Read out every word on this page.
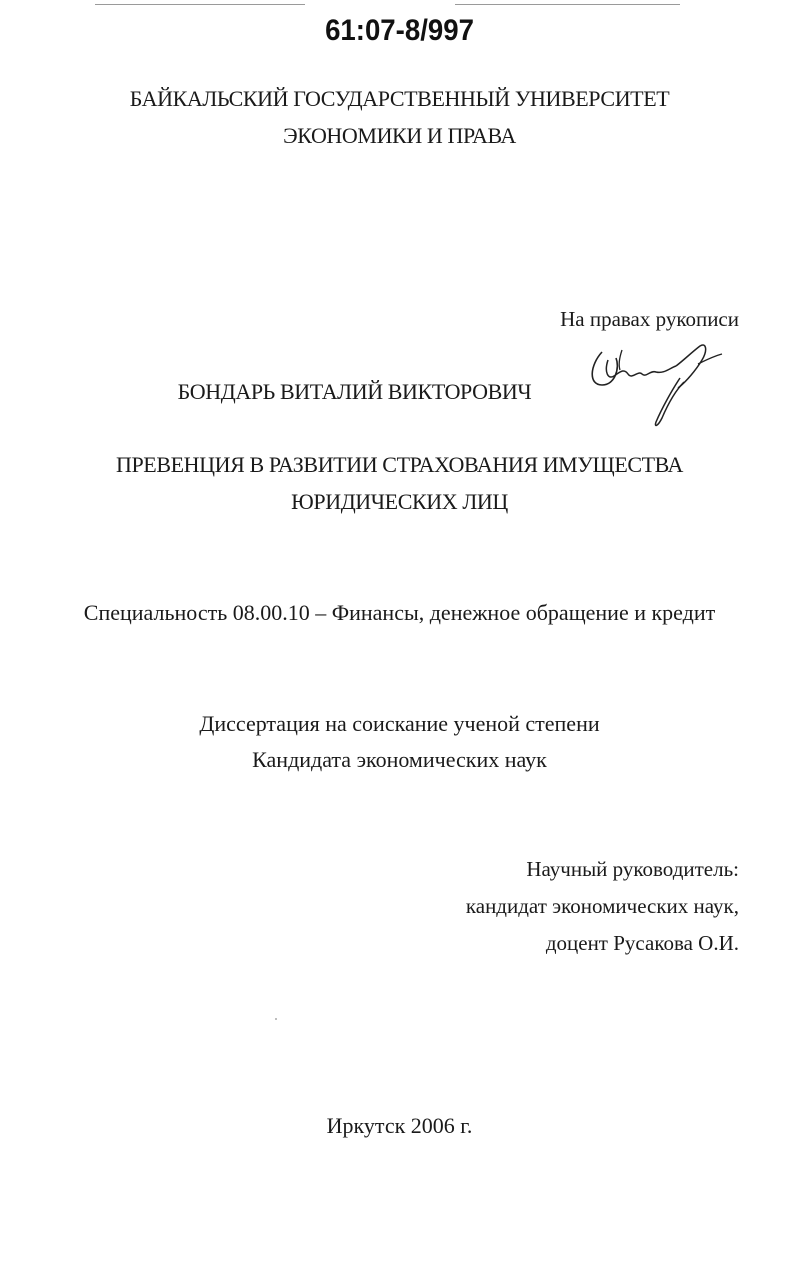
61:07-8/997
БАЙКАЛЬСКИЙ ГОСУДАРСТВЕННЫЙ УНИВЕРСИТЕТ
ЭКОНОМИКИ И ПРАВА
На правах рукописи
БОНДАРЬ ВИТАЛИЙ ВИКТОРОВИЧ
ПРЕВЕНЦИЯ В РАЗВИТИИ СТРАХОВАНИЯ ИМУЩЕСТВА
ЮРИДИЧЕСКИХ ЛИЦ
Специальность 08.00.10 – Финансы, денежное обращение и кредит
Диссертация на соискание ученой степени
Кандидата экономических наук
Научный руководитель:
кандидат экономических наук,
доцент Русакова О.И.
Иркутск 2006 г.
